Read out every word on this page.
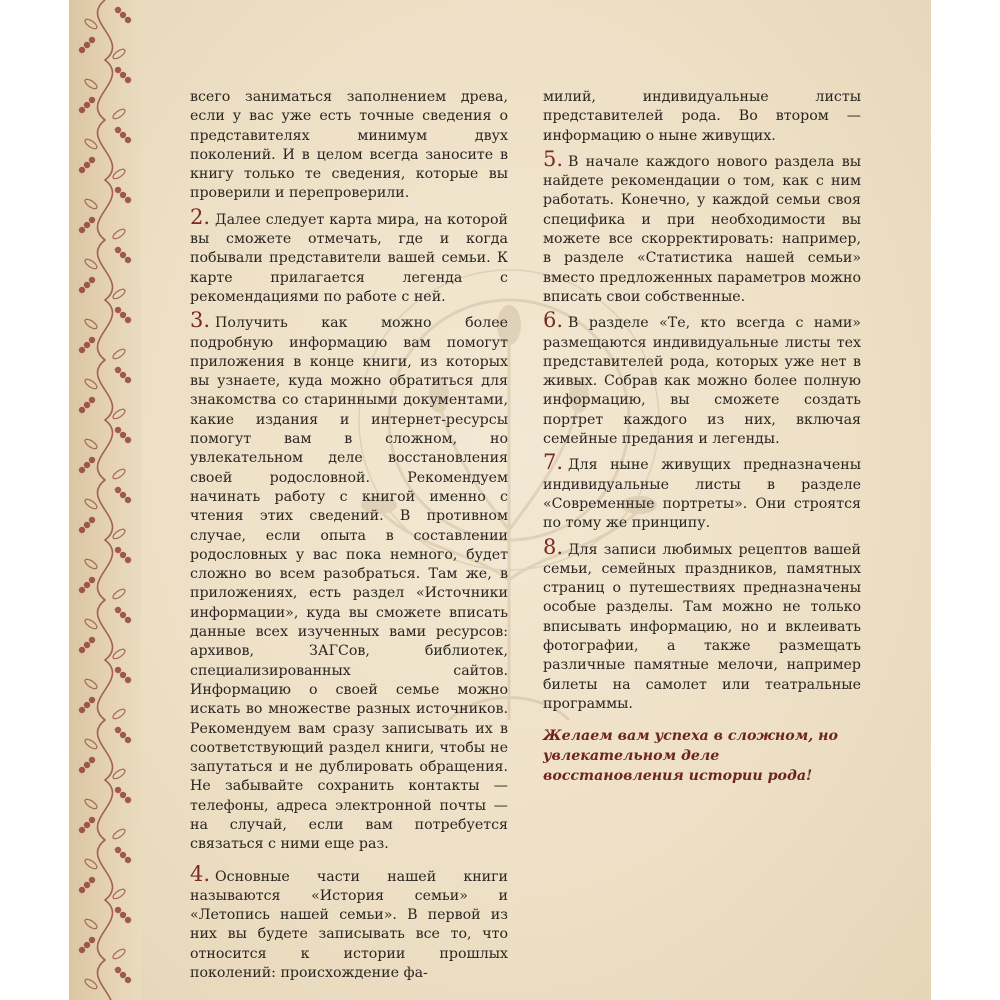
всего заниматься заполнением древа, если у вас уже есть точные сведения о представителях минимум двух поколений. И в целом всегда заносите в книгу только те сведения, которые вы проверили и перепроверили.

2. Далее следует карта мира, на которой вы сможете отмечать, где и когда побывали представители вашей семьи. К карте прилагается легенда с рекомендациями по работе с ней.

3. Получить как можно более подробную информацию вам помогут приложения в конце книги, из которых вы узнаете, куда можно обратиться для знакомства со старинными документами, какие издания и интернет-ресурсы помогут вам в сложном, но увлекательном деле восстановления своей родословной. Рекомендуем начинать работу с книгой именно с чтения этих сведений. В противном случае, если опыта в составлении родословных у вас пока немного, будет сложно во всем разобраться. Там же, в приложениях, есть раздел «Источники информации», куда вы сможете вписать данные всех изученных вами ресурсов: архивов, ЗАГСов, библиотек, специализированных сайтов. Информацию о своей семье можно искать во множестве разных источников. Рекомендуем вам сразу записывать их в соответствующий раздел книги, чтобы не запутаться и не дублировать обращения. Не забывайте сохранить контакты — телефоны, адреса электронной почты — на случай, если вам потребуется связаться с ними еще раз.

4. Основные части нашей книги называются «История семьи» и «Летопись нашей семьи». В первой из них вы будете записывать все то, что относится к истории прошлых поколений: происхождение фа-

милий, индивидуальные листы представителей рода. Во втором — информацию о ныне живущих.

5. В начале каждого нового раздела вы найдете рекомендации о том, как с ним работать. Конечно, у каждой семьи своя специфика и при необходимости вы можете все скорректировать: например, в разделе «Статистика нашей семьи» вместо предложенных параметров можно вписать свои собственные.

6. В разделе «Те, кто всегда с нами» размещаются индивидуальные листы тех представителей рода, которых уже нет в живых. Собрав как можно более полную информацию, вы сможете создать портрет каждого из них, включая семейные предания и легенды.

7. Для ныне живущих предназначены индивидуальные листы в разделе «Современные портреты». Они строятся по тому же принципу.

8. Для записи любимых рецептов вашей семьи, семейных праздников, памятных страниц о путешествиях предназначены особые разделы. Там можно не только вписывать информацию, но и вклеивать фотографии, а также размещать различные памятные мелочи, например билеты на самолет или театральные программы.

Желаем вам успеха в сложном, но увлекательном деле восстановления истории рода!
